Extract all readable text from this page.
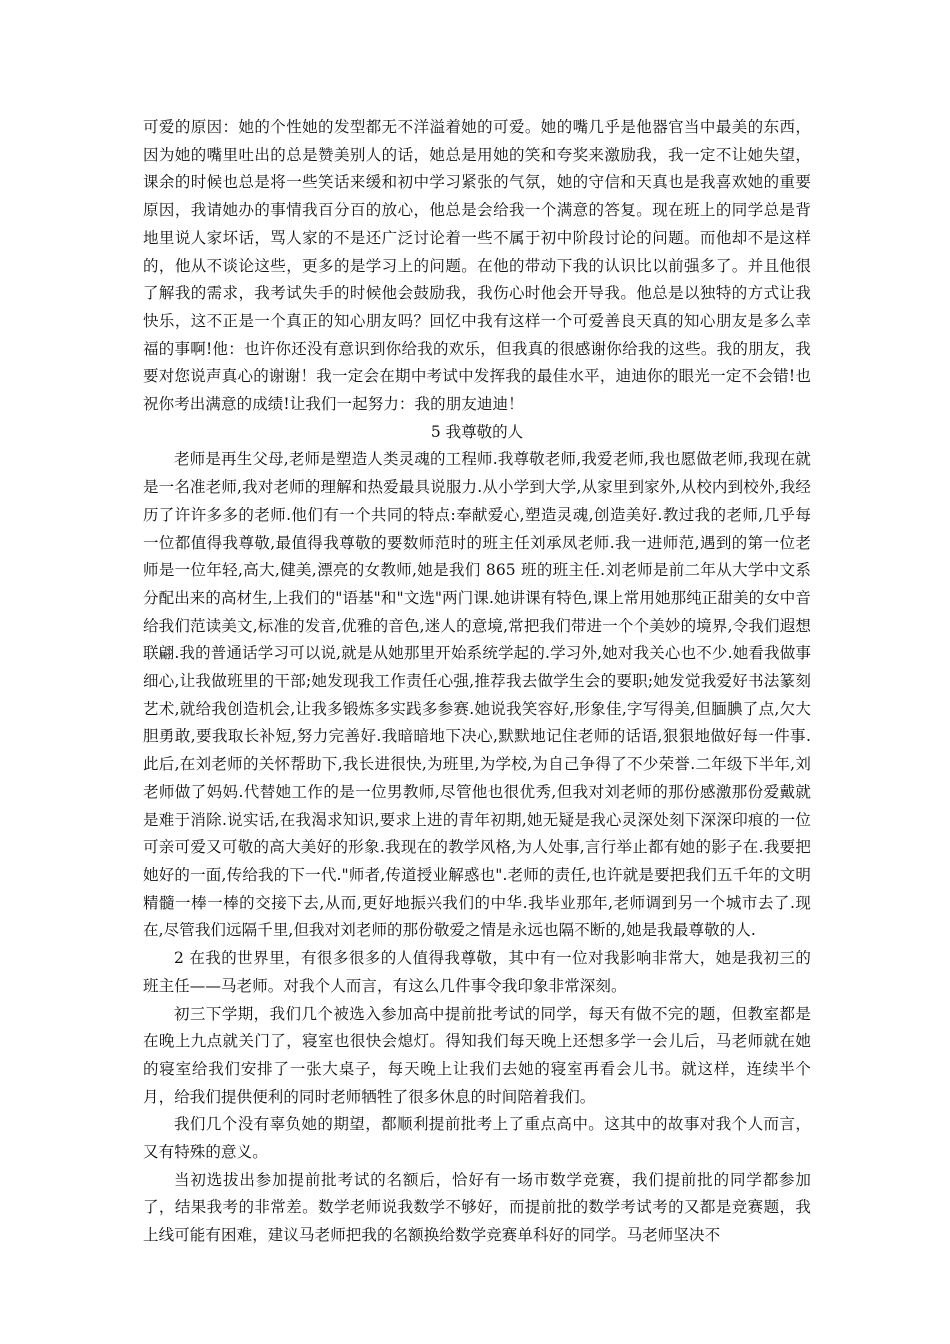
可爱的原因：她的个性她的发型都无不洋溢着她的可爱。她的嘴几乎是他器官当中最美的东西，因为她的嘴里吐出的总是赞美别人的话，她总是用她的笑和夸奖来激励我，我一定不让她失望，课余的时候也总是将一些笑话来缓和初中学习紧张的气氛，她的守信和天真也是我喜欢她的重要原因，我请她办的事情我百分百的放心，他总是会给我一个满意的答复。现在班上的同学总是背地里说人家坏话，骂人家的不是还广泛讨论着一些不属于初中阶段讨论的问题。而他却不是这样的，他从不谈论这些，更多的是学习上的问题。在他的带动下我的认识比以前强多了。并且他很了解我的需求，我考试失手的时候他会鼓励我，我伤心时他会开导我。他总是以独特的方式让我快乐，这不正是一个真正的知心朋友吗？回忆中我有这样一个可爱善良天真的知心朋友是多么幸福的事啊!他：也许你还没有意识到你给我的欢乐，但我真的很感谢你给我的这些。我的朋友，我要对您说声真心的谢谢！我一定会在期中考试中发挥我的最佳水平，迪迪你的眼光一定不会错!也祝你考出满意的成绩!让我们一起努力：我的朋友迪迪！

5 我尊敬的人

老师是再生父母,老师是塑造人类灵魂的工程师.我尊敬老师,我爱老师,我也愿做老师,我现在就是一名准老师,我对老师的理解和热爱最具说服力.从小学到大学,从家里到家外,从校内到校外,我经历了许许多多的老师.他们有一个共同的特点:奉献爱心,塑造灵魂,创造美好.教过我的老师,几乎每一位都值得我尊敬,最值得我尊敬的要数师范时的班主任刘承凤老师.我一进师范,遇到的第一位老师是一位年轻,高大,健美,漂亮的女教师,她是我们 865 班的班主任.刘老师是前二年从大学中文系分配出来的高材生,上我们的"语基"和"文选"两门课.她讲课有特色,课上常用她那纯正甜美的女中音给我们范读美文,标准的发音,优雅的音色,迷人的意境,常把我们带进一个个美妙的境界,令我们遐想联翩.我的普通话学习可以说,就是从她那里开始系统学起的.学习外,她对我关心也不少.她看我做事细心,让我做班里的干部;她发现我工作责任心强,推荐我去做学生会的要职;她发觉我爱好书法篆刻艺术,就给我创造机会,让我多锻炼多实践多参赛.她说我笑容好,形象佳,字写得美,但腼腆了点,欠大胆勇敢,要我取长补短,努力完善好.我暗暗地下决心,默默地记住老师的话语,狠狠地做好每一件事.此后,在刘老师的关怀帮助下,我长进很快,为班里,为学校,为自己争得了不少荣誉.二年级下半年,刘老师做了妈妈.代替她工作的是一位男教师,尽管他也很优秀,但我对刘老师的那份感激那份爱戴就是难于消除.说实话,在我渴求知识,要求上进的青年初期,她无疑是我心灵深处刻下深深印痕的一位可亲可爱又可敬的高大美好的形象.我现在的教学风格,为人处事,言行举止都有她的影子在.我要把她好的一面,传给我的下一代."师者,传道授业解惑也".老师的责任,也许就是要把我们五千年的文明精髓一棒一棒的交接下去,从而,更好地振兴我们的中华.我毕业那年,老师调到另一个城市去了.现在,尽管我们远隔千里,但我对刘老师的那份敬爱之情是永远也隔不断的,她是我最尊敬的人.

2 在我的世界里，有很多很多的人值得我尊敬，其中有一位对我影响非常大，她是我初三的班主任——马老师。对我个人而言，有这么几件事令我印象非常深刻。

初三下学期，我们几个被选入参加高中提前批考试的同学，每天有做不完的题，但教室都是在晚上九点就关门了，寝室也很快会熄灯。得知我们每天晚上还想多学一会儿后，马老师就在她的寝室给我们安排了一张大桌子，每天晚上让我们去她的寝室再看会儿书。就这样，连续半个月，给我们提供便利的同时老师牺牲了很多休息的时间陪着我们。

我们几个没有辜负她的期望，都顺利提前批考上了重点高中。这其中的故事对我个人而言，又有特殊的意义。

当初选拔出参加提前批考试的名额后，恰好有一场市数学竞赛，我们提前批的同学都参加了，结果我考的非常差。数学老师说我数学不够好，而提前批的数学考试考的又都是竞赛题，我上线可能有困难，建议马老师把我的名额换给数学竞赛单科好的同学。马老师坚决不
